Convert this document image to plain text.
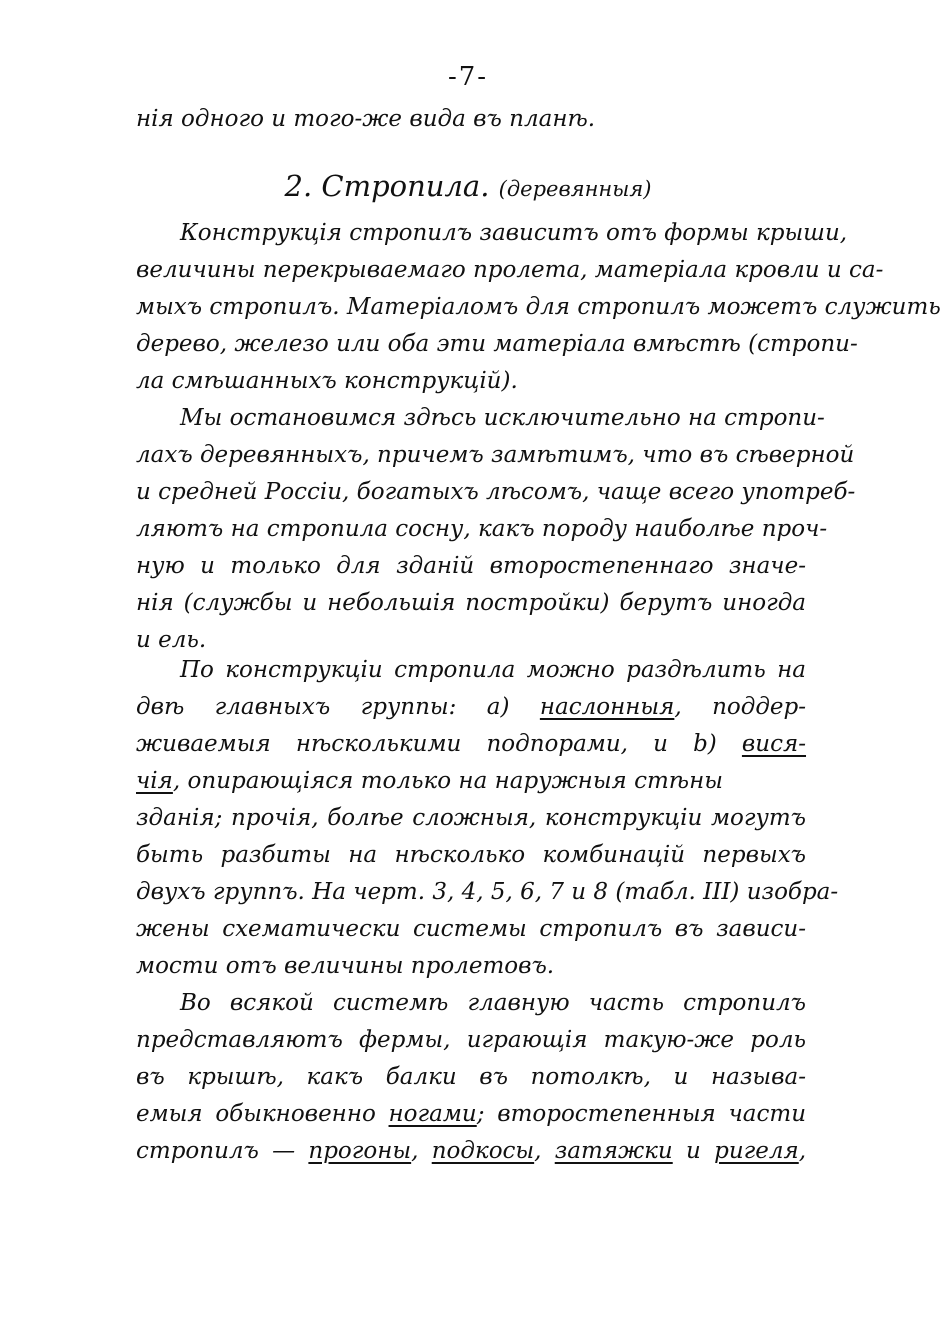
-7-
нія одного и того-же вида въ планѣ.
2. Стропила. (деревянныя)
Конструкція стропилъ зависитъ отъ формы крыши,
величины перекрываемаго пролета, матеріала кровли и са-
мыхъ стропилъ. Матеріаломъ для стропилъ можетъ служить
дерево, железо или оба эти матеріала вмѣстѣ (стропи-
ла смѣшанныхъ конструкцій).
Мы остановимся здѣсь исключительно на стропи-
лахъ деревянныхъ, причемъ замѣтимъ, что въ сѣверной
и средней Россіи, богатыхъ лѣсомъ, чаще всего употреб-
ляютъ на стропила сосну, какъ породу наиболѣе проч-
ную и только для зданій второстепеннаго значе-
нія (службы и небольшія постройки) берутъ иногда
и ель.
По конструкціи стропила можно раздѣлить на
двѣ главныхъ группы: а) наслонныя, поддер-
живаемыя нѣсколькими подпорами, и b) вися-
чія, опирающіяся только на наружныя стѣны
зданія; прочія, болѣе сложныя, конструкціи могутъ
быть разбиты на нѣсколько комбинацій первыхъ
двухъ группъ. На черт. 3, 4, 5, 6, 7 и 8 (табл. III) изобра-
жены схематически системы стропилъ въ зависи-
мости отъ величины пролетовъ.
Во всякой системѣ главную часть стропилъ
представляютъ фермы, играющія такую-же роль
въ крышѣ, какъ балки въ потолкѣ, и называ-
емыя обыкновенно ногами; второстепенныя части
стропилъ — прогоны, подкосы, затяжки и ригеля,
